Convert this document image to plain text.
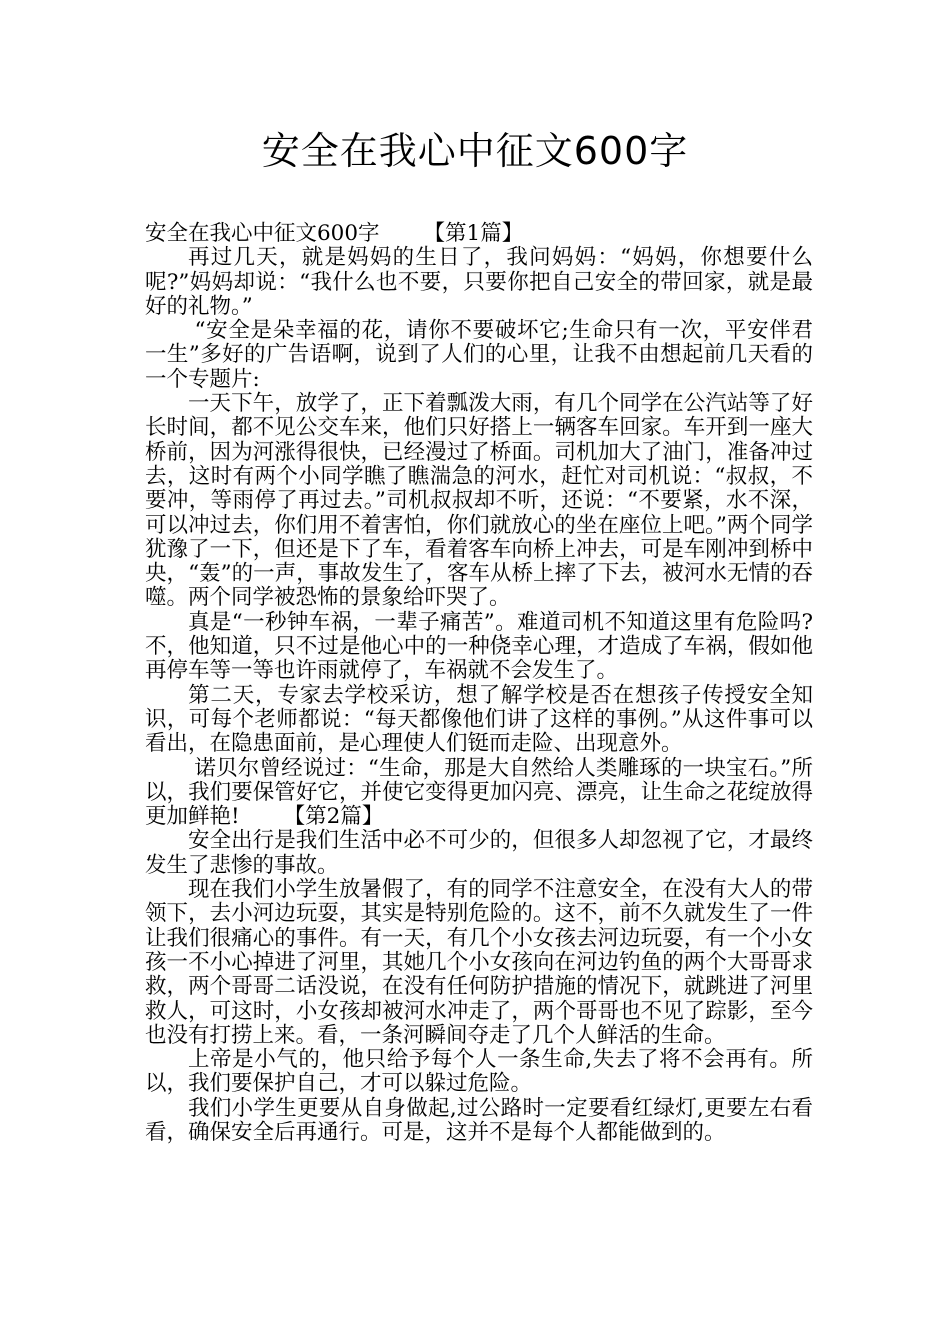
安全在我心中征文600字

安全在我心中征文600字 【第1篇】

再过几天，就是妈妈的生日了，我问妈妈：“妈妈，你想要什么呢?”妈妈却说：“我什么也不要，只要你把自己安全的带回家，就是最好的礼物。”

“安全是朵幸福的花，请你不要破坏它;生命只有一次，平安伴君一生”多好的广告语啊，说到了人们的心里，让我不由想起前几天看的一个专题片:

一天下午，放学了，正下着瓢泼大雨，有几个同学在公汽站等了好长时间，都不见公交车来，他们只好搭上一辆客车回家。车开到一座大桥前，因为河涨得很快，已经漫过了桥面。司机加大了油门，准备冲过去，这时有两个小同学瞧了瞧湍急的河水，赶忙对司机说：“叔叔，不要冲，等雨停了再过去。”司机叔叔却不听，还说：“不要紧，水不深，可以冲过去，你们用不着害怕，你们就放心的坐在座位上吧。”两个同学犹豫了一下，但还是下了车，看着客车向桥上冲去，可是车刚冲到桥中央，“轰”的一声，事故发生了，客车从桥上摔了下去，被河水无情的吞噬。两个同学被恐怖的景象给吓哭了。

真是“一秒钟车祸，一辈子痛苦”。难道司机不知道这里有危险吗?不，他知道，只不过是他心中的一种侥幸心理，才造成了车祸，假如他再停车等一等也许雨就停了，车祸就不会发生了。

第二天，专家去学校采访，想了解学校是否在想孩子传授安全知识，可每个老师都说：“每天都像他们讲了这样的事例。”从这件事可以看出，在隐患面前，是心理使人们铤而走险、出现意外。

诺贝尔曾经说过：“生命，那是大自然给人类雕琢的一块宝石。”所以，我们要保管好它，并使它变得更加闪亮、漂亮，让生命之花绽放得更加鲜艳! 【第2篇】

安全出行是我们生活中必不可少的，但很多人却忽视了它，才最终发生了悲惨的事故。

现在我们小学生放暑假了，有的同学不注意安全，在没有大人的带领下，去小河边玩耍，其实是特别危险的。这不，前不久就发生了一件让我们很痛心的事件。有一天，有几个小女孩去河边玩耍，有一个小女孩一不小心掉进了河里，其她几个小女孩向在河边钓鱼的两个大哥哥求救，两个哥哥二话没说，在没有任何防护措施的情况下，就跳进了河里救人，可这时，小女孩却被河水冲走了，两个哥哥也不见了踪影，至今也没有打捞上来。看，一条河瞬间夺走了几个人鲜活的生命。

上帝是小气的，他只给予每个人一条生命,失去了将不会再有。所以，我们要保护自己，才可以躲过危险。

我们小学生更要从自身做起,过公路时一定要看红绿灯,更要左右看看，确保安全后再通行。可是，这并不是每个人都能做到的。
